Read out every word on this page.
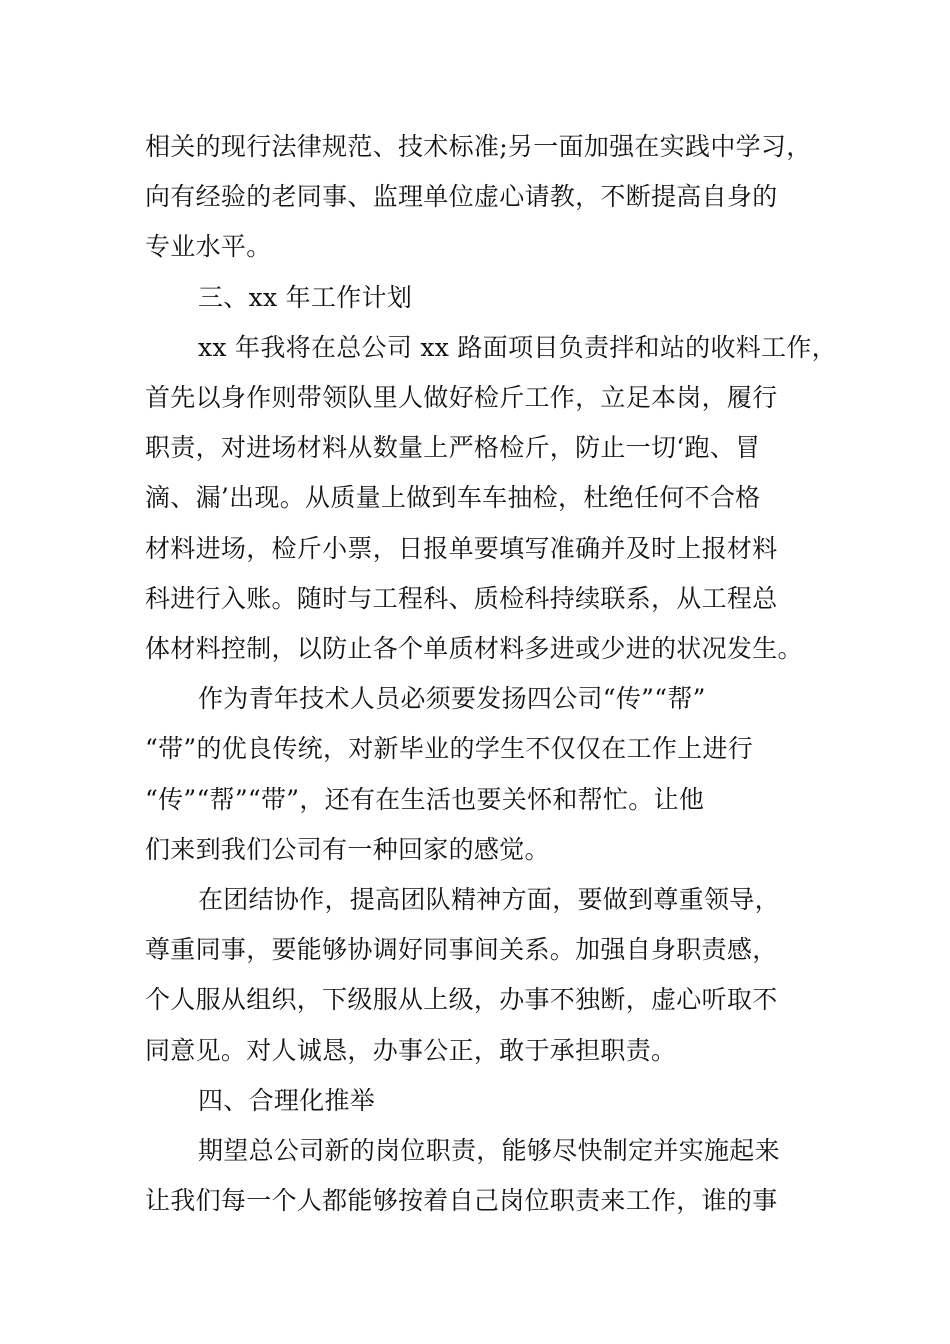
相关的现行法律规范、技术标准;另一面加强在实践中学习，
向有经验的老同事、监理单位虚心请教，不断提高自身的
专业水平。
三、xx 年工作计划
xx 年我将在总公司 xx 路面项目负责拌和站的收料工作，
首先以身作则带领队里人做好检斤工作，立足本岗，履行
职责，对进场材料从数量上严格检斤，防止一切‘跑、冒
滴、漏’出现。从质量上做到车车抽检，杜绝任何不合格
材料进场，检斤小票，日报单要填写准确并及时上报材料
科进行入账。随时与工程科、质检科持续联系，从工程总
体材料控制，以防止各个单质材料多进或少进的状况发生。
作为青年技术人员必须要发扬四公司“传”“帮”
“带”的优良传统，对新毕业的学生不仅仅在工作上进行
“传”“帮”“带”，还有在生活也要关怀和帮忙。让他
们来到我们公司有一种回家的感觉。
在团结协作，提高团队精神方面，要做到尊重领导，
尊重同事，要能够协调好同事间关系。加强自身职责感，
个人服从组织，下级服从上级，办事不独断，虚心听取不
同意见。对人诚恳，办事公正，敢于承担职责。
四、合理化推举
期望总公司新的岗位职责，能够尽快制定并实施起来
让我们每一个人都能够按着自己岗位职责来工作，谁的事
